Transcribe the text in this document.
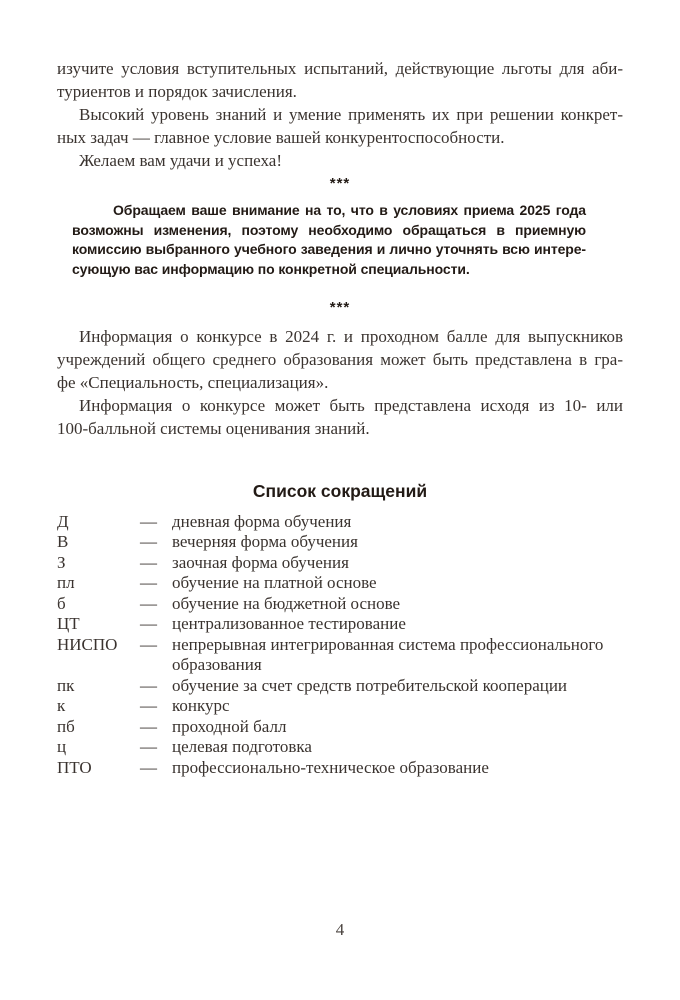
изучите условия вступительных испытаний, действующие льготы для аби-
туриентов и порядок зачисления.
Высокий уровень знаний и умение применять их при решении конкрет-
ных задач — главное условие вашей конкурентоспособности.
Желаем вам удачи и успеха!
***
Обращаем ваше внимание на то, что в условиях приема 2025 года
возможны изменения, поэтому необходимо обращаться в приемную
комиссию выбранного учебного заведения и лично уточнять всю интере-
сующую вас информацию по конкретной специальности.
***
Информация о конкурсе в 2024 г. и проходном балле для выпускников
учреждений общего среднего образования может быть представлена в гра-
фе «Специальность, специализация».
Информация о конкурсе может быть представлена исходя из 10- или
100-балльной системы оценивания знаний.
Список сокращений
Д	— дневная форма обучения
В	— вечерняя форма обучения
З	— заочная форма обучения
пл	— обучение на платной основе
б	— обучение на бюджетной основе
ЦТ	— централизованное тестирование
НИСПО	— непрерывная интегрированная система профессионального
образования
пк	— обучение за счет средств потребительской кооперации
к	— конкурс
пб	— проходной балл
ц	— целевая подготовка
ПТО	— профессионально-техническое образование
4
